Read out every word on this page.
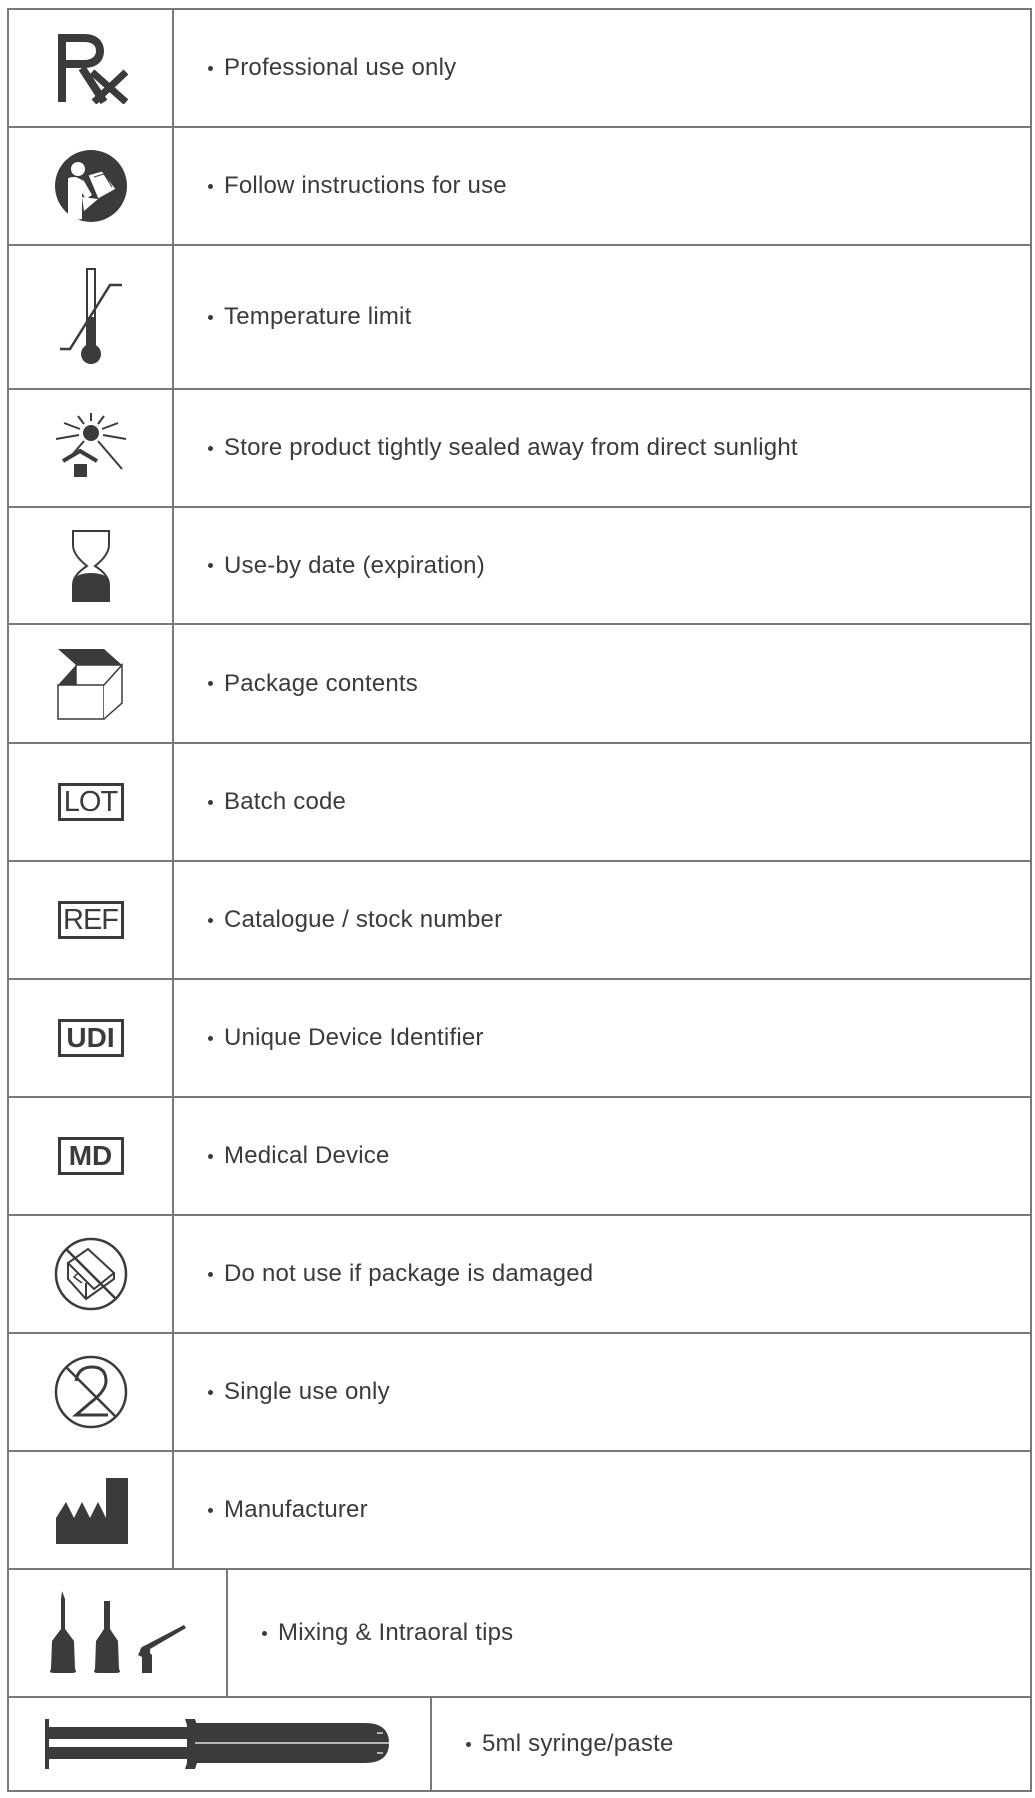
Professional use only
Follow instructions for use
Temperature limit
Store product tightly sealed away from direct sunlight
Use-by date (expiration)
Package contents
LOT	Batch code
REF	Catalogue / stock number
UDI	Unique Device Identifier
MD	Medical Device
Do not use if package is damaged
Single use only
Manufacturer
Mixing & Intraoral tips
5ml syringe/paste
